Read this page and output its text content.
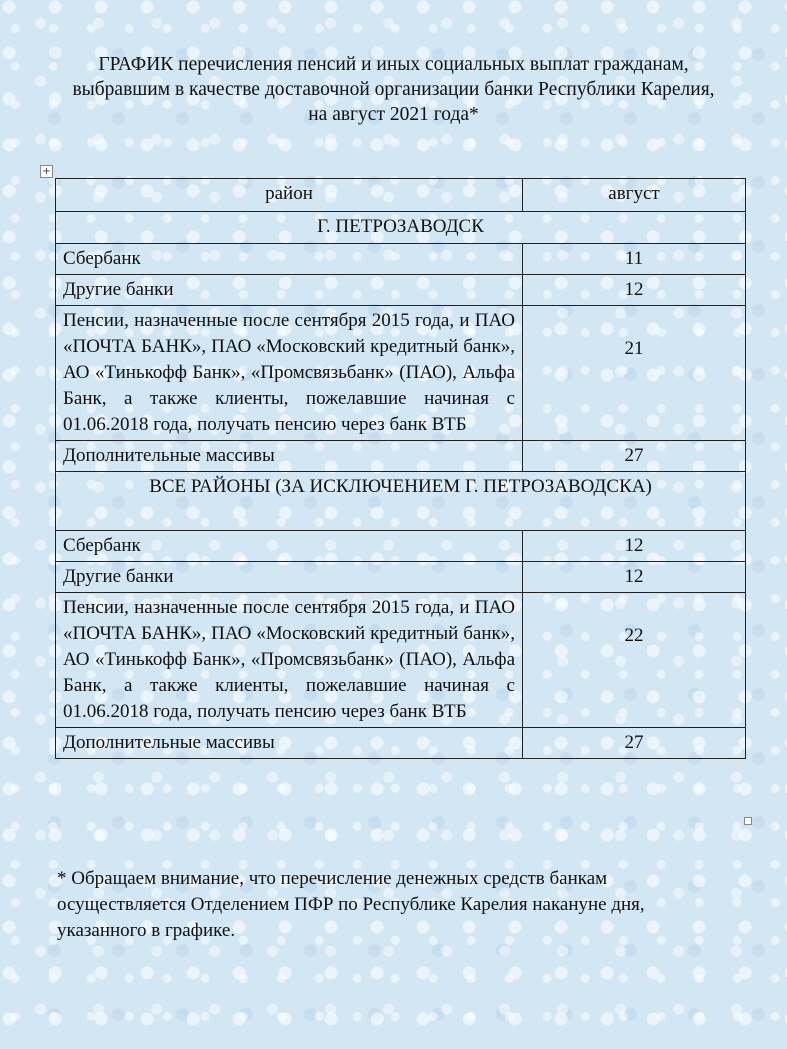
ГРАФИК перечисления пенсий и иных социальных выплат гражданам,
выбравшим в качестве доставочной организации банки Республики Карелия,
на август 2021 года*
+
район	август
Г. ПЕТРОЗАВОДСК	
Сбербанк	11
Другие банки	12
Пенсии, назначенные после сентября 2015 года, и ПАО «ПОЧТА БАНК», ПАО «Московский кредитный банк», АО «Тинькофф Банк», «Промсвязьбанк» (ПАО), Альфа Банк, а также клиенты, пожелавшие начиная с 01.06.2018 года, получать пенсию через банк ВТБ	21
Дополнительные массивы	27
ВСЕ РАЙОНЫ (ЗА ИСКЛЮЧЕНИЕМ Г. ПЕТРОЗАВОДСКА)	
Сбербанк	12
Другие банки	12
Пенсии, назначенные после сентября 2015 года, и ПАО «ПОЧТА БАНК», ПАО «Московский кредитный банк», АО «Тинькофф Банк», «Промсвязьбанк» (ПАО), Альфа Банк, а также клиенты, пожелавшие начиная с 01.06.2018 года, получать пенсию через банк ВТБ	22
Дополнительные массивы	27
* Обращаем внимание, что перечисление денежных средств банкам
осуществляется Отделением ПФР по Республике Карелия накануне дня,
указанного в графике.
